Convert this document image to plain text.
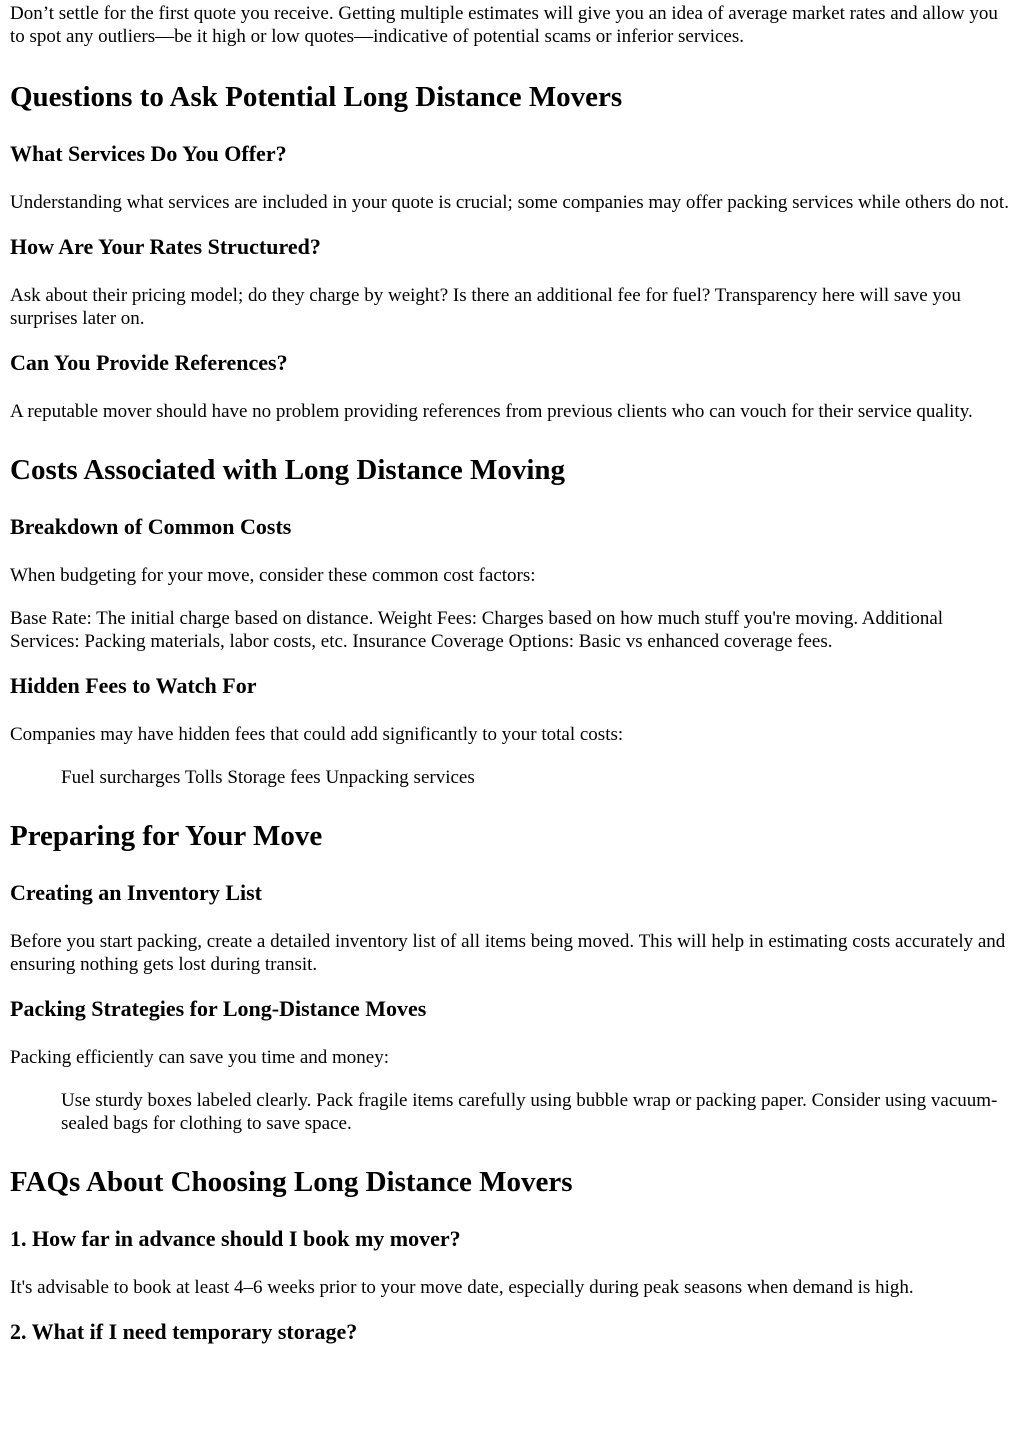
Don’t settle for the first quote you receive. Getting multiple estimates will give you an idea of average market rates and allow you to spot any outliers—be it high or low quotes—indicative of potential scams or inferior services.

Questions to Ask Potential Long Distance Movers
What Services Do You Offer?

Understanding what services are included in your quote is crucial; some companies may offer packing services while others do not.

How Are Your Rates Structured?

Ask about their pricing model; do they charge by weight? Is there an additional fee for fuel? Transparency here will save you surprises later on.

Can You Provide References?

A reputable mover should have no problem providing references from previous clients who can vouch for their service quality.

Costs Associated with Long Distance Moving
Breakdown of Common Costs

When budgeting for your move, consider these common cost factors:

Base Rate: The initial charge based on distance. Weight Fees: Charges based on how much stuff you're moving. Additional Services: Packing materials, labor costs, etc. Insurance Coverage Options: Basic vs enhanced coverage fees.

Hidden Fees to Watch For

Companies may have hidden fees that could add significantly to your total costs:

Fuel surcharges Tolls Storage fees Unpacking services
Preparing for Your Move
Creating an Inventory List

Before you start packing, create a detailed inventory list of all items being moved. This will help in estimating costs accurately and ensuring nothing gets lost during transit.

Packing Strategies for Long-Distance Moves

Packing efficiently can save you time and money:

Use sturdy boxes labeled clearly. Pack fragile items carefully using bubble wrap or packing paper. Consider using vacuum-sealed bags for clothing to save space.
FAQs About Choosing Long Distance Movers
1. How far in advance should I book my mover?

It's advisable to book at least 4–6 weeks prior to your move date, especially during peak seasons when demand is high.

2. What if I need temporary storage?
